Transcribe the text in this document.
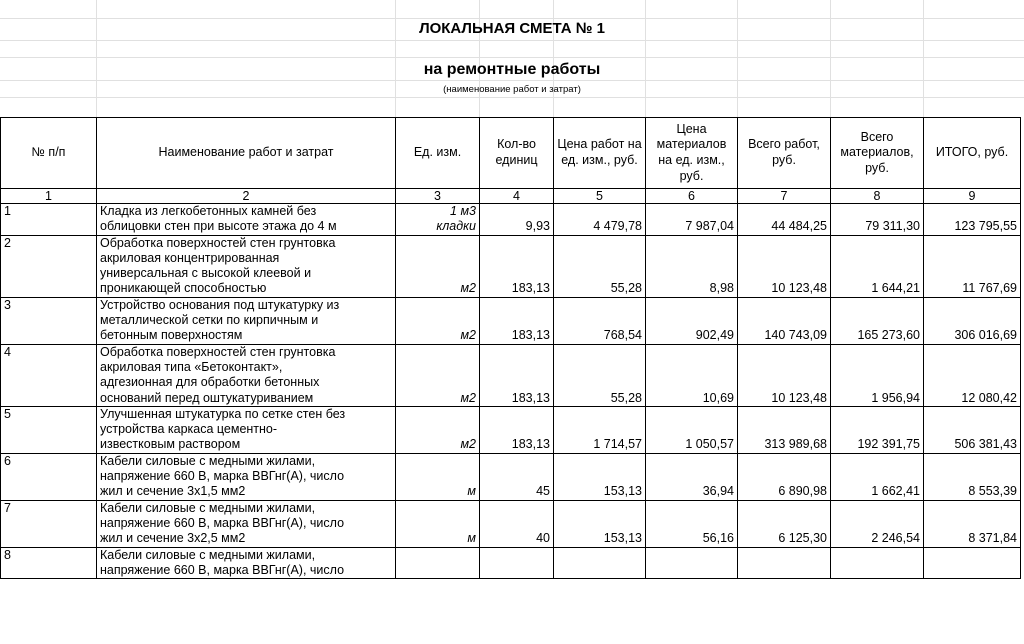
ЛОКАЛЬНАЯ СМЕТА № 1
на ремонтные работы
(наименование работ и затрат)
№ п/п	Наименование работ и затрат	Ед. изм.	Кол-во единиц	Цена работ на ед. изм., руб.	Цена материалов на ед. изм., руб.	Всего работ, руб.	Всего материалов, руб.	ИТОГО, руб.
1	2	3	4	5	6	7	8	9
1	Кладка из легкобетонных камней без
облицовки стен при высоте этажа до 4 м	1 м3
кладки	9,93	4 479,78	7 987,04	44 484,25	79 311,30	123 795,55
2	Обработка поверхностей стен грунтовка
акриловая концентрированная
универсальная с высокой клеевой и
проникающей способностью	м2	183,13	55,28	8,98	10 123,48	1 644,21	11 767,69
3	Устройство основания под штукатурку из
металлической сетки по кирпичным и
бетонным поверхностям	м2	183,13	768,54	902,49	140 743,09	165 273,60	306 016,69
4	Обработка поверхностей стен грунтовка
акриловая типа «Бетоконтакт»,
адгезионная для обработки бетонных
оснований перед оштукатуриванием	м2	183,13	55,28	10,69	10 123,48	1 956,94	12 080,42
5	Улучшенная штукатурка по сетке стен без
устройства каркаса цементно-
известковым раствором	м2	183,13	1 714,57	1 050,57	313 989,68	192 391,75	506 381,43
6	Кабели силовые с медными жилами,
напряжение 660 В, марка ВВГнг(А), число
жил и сечение 3х1,5 мм2	м	45	153,13	36,94	6 890,98	1 662,41	8 553,39
7	Кабели силовые с медными жилами,
напряжение 660 В, марка ВВГнг(А), число
жил и сечение 3х2,5 мм2	м	40	153,13	56,16	6 125,30	2 246,54	8 371,84
8	Кабели силовые с медными жилами,
напряжение 660 В, марка ВВГнг(А), число							
